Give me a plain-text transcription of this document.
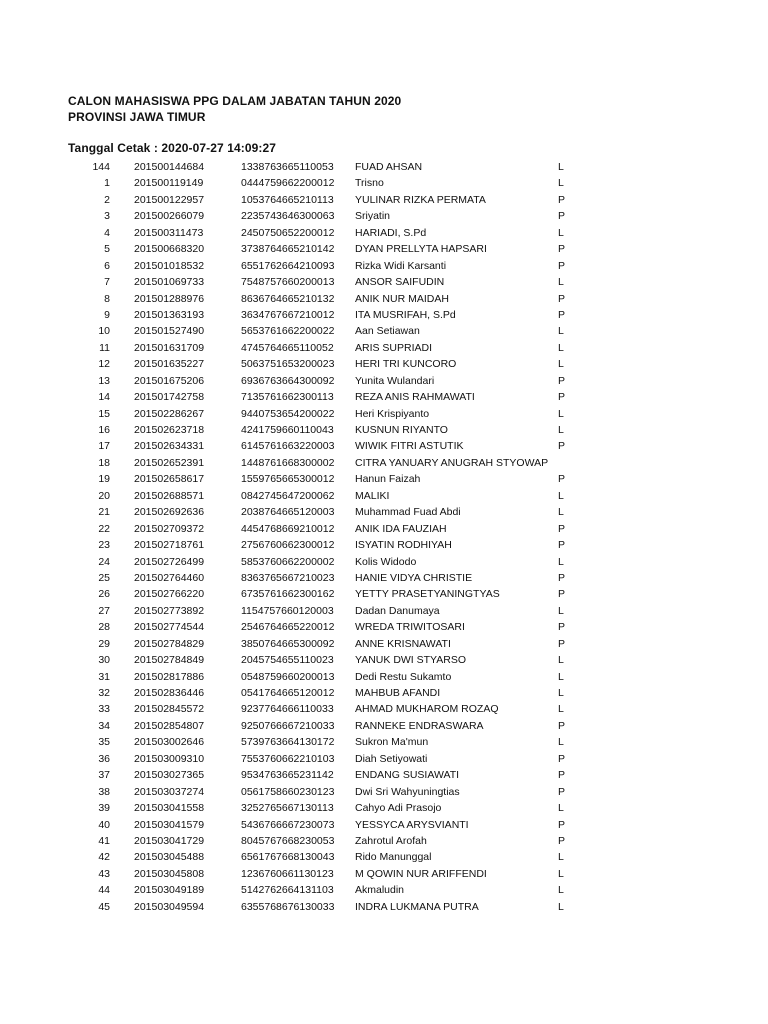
CALON MAHASISWA PPG DALAM JABATAN TAHUN 2020
PROVINSI JAWA TIMUR
Tanggal Cetak : 2020-07-27 14:09:27
144 201500144684	1338763665110053 FUAD AHSAN	L
1 201500119149	0444759662200012 Trisno	L
2 201500122957	1053764665210113 YULINAR RIZKA PERMATA	P
3 201500266079	2235743646300063 Sriyatin	P
4 201500311473	2450750652200012 HARIADI, S.Pd	L
5 201500668320	3738764665210142 DYAN PRELLYTA HAPSARI	P
6 201501018532	6551762664210093 Rizka Widi Karsanti	P
7 201501069733	7548757660200013 ANSOR SAIFUDIN	L
8 201501288976	8636764665210132 ANIK NUR MAIDAH	P
9 201501363193	3634767667210012 ITA MUSRIFAH, S.Pd	P
10 201501527490	5653761662200022 Aan Setiawan	L
11 201501631709	4745764665110052 ARIS SUPRIADI	L
12 201501635227	5063751653200023 HERI TRI KUNCORO	L
13 201501675206	6936763664300092 Yunita Wulandari	P
14 201501742758	7135761662300113 REZA ANIS RAHMAWATI	P
15 201502286267	9440753654200022 Heri Krispiyanto	L
16 201502623718	4241759660110043 KUSNUN RIYANTO	L
17 201502634331	6145761663220003 WIWIK FITRI ASTUTIK	P
18 201502652391	1448761668300002 CITRA YANUARY ANUGRAH STYOWAP
19 201502658617	1559765665300012 Hanun Faizah	P
20 201502688571	0842745647200062 MALIKI	L
21 201502692636	2038764665120003 Muhammad Fuad Abdi	L
22 201502709372	4454768669210012 ANIK IDA FAUZIAH	P
23 201502718761	2756760662300012 ISYATIN RODHIYAH	P
24 201502726499	5853760662200002 Kolis Widodo	L
25 201502764460	8363765667210023 HANIE VIDYA CHRISTIE	P
26 201502766220	6735761662300162 YETTY PRASETYANINGTYAS	P
27 201502773892	1154757660120003 Dadan Danumaya	L
28 201502774544	2546764665220012 WREDA TRIWITOSARI	P
29 201502784829	3850764665300092 ANNE KRISNAWATI	P
30 201502784849	2045754655110023 YANUK DWI STYARSO	L
31 201502817886	0548759660200013 Dedi Restu Sukamto	L
32 201502836446	0541764665120012 MAHBUB AFANDI	L
33 201502845572	9237764666110033 AHMAD MUKHAROM ROZAQ	L
34 201502854807	9250766667210033 RANNEKE ENDRASWARA	P
35 201503002646	5739763664130172 Sukron Ma'mun	L
36 201503009310	7553760662210103 Diah Setiyowati	P
37 201503027365	9534763665231142 ENDANG SUSIAWATI	P
38 201503037274	0561758660230123 Dwi Sri Wahyuningtias	P
39 201503041558	3252765667130113 Cahyo Adi Prasojo	L
40 201503041579	5436766667230073 YESSYCA ARYSVIANTI	P
41 201503041729	8045767668230053 Zahrotul Arofah	P
42 201503045488	6561767668130043 Rido Manunggal	L
43 201503045808	1236760661130123 M QOWIN NUR ARIFFENDI	L
44 201503049189	5142762664131103 Akmaludin	L
45 201503049594	6355768676130033 INDRA LUKMANA PUTRA	L
